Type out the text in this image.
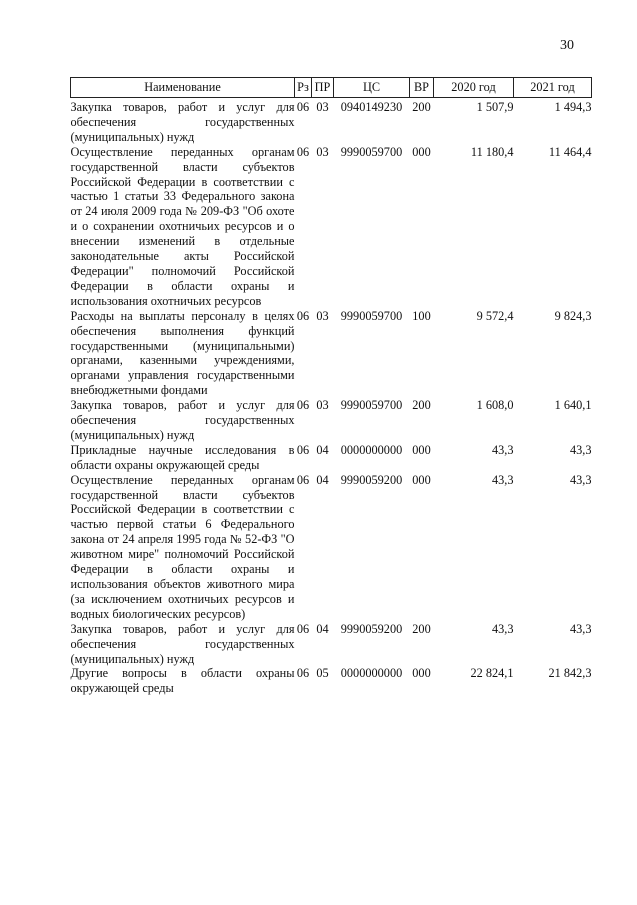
30
Наименование	Рз	ПР	ЦС	ВР	2020 год	2021 год

Закупка товаров, работ и услуг для обеспечения государственных (муниципальных) нужд	06	03	0940149230	200	1 507,9	1 494,3
Осуществление переданных органам государственной власти субъектов Российской Федерации в соответствии с частью 1 статьи 33 Федерального закона от 24 июля 2009 года № 209-ФЗ "Об охоте и о сохранении охотничьих ресурсов и о внесении изменений в отдельные законодательные акты Российской Федерации" полномочий Российской Федерации в области охраны и использования охотничьих ресурсов	06	03	9990059700	000	11 180,4	11 464,4
Расходы на выплаты персоналу в целях обеспечения выполнения функций государственными (муниципальными) органами, казенными учреждениями, органами управления государственными внебюджетными фондами	06	03	9990059700	100	9 572,4	9 824,3
Закупка товаров, работ и услуг для обеспечения государственных (муниципальных) нужд	06	03	9990059700	200	1 608,0	1 640,1
Прикладные научные исследования в области охраны окружающей среды	06	04	0000000000	000	43,3	43,3
Осуществление переданных органам государственной власти субъектов Российской Федерации в соответствии с частью первой статьи 6 Федерального закона от 24 апреля 1995 года № 52-ФЗ "О животном мире" полномочий Российской Федерации в области охраны и использования объектов животного мира (за исключением охотничьих ресурсов и водных биологических ресурсов)	06	04	9990059200	000	43,3	43,3
Закупка товаров, работ и услуг для обеспечения государственных (муниципальных) нужд	06	04	9990059200	200	43,3	43,3
Другие вопросы в области охраны окружающей среды	06	05	0000000000	000	22 824,1	21 842,3
